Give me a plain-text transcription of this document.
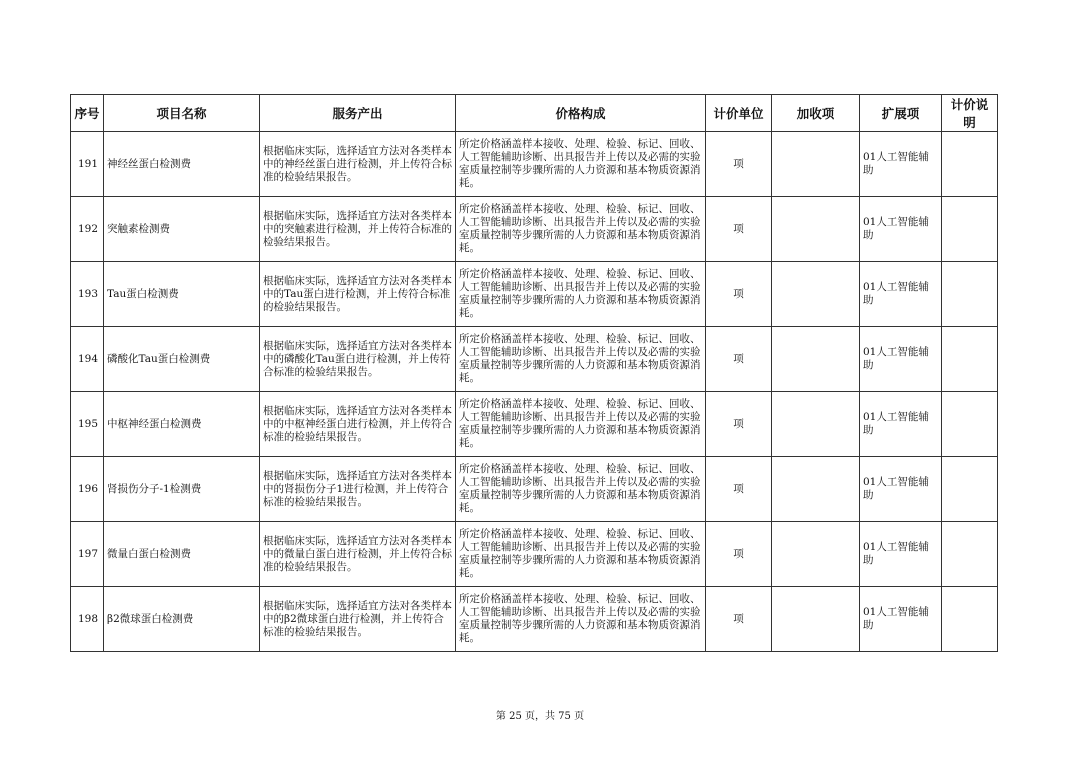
序号	项目名称	服务产出	价格构成	计价单位	加收项	扩展项	计价说明
191	神经丝蛋白检测费	根据临床实际，选择适宜方法对各类样本中的神经丝蛋白进行检测，并上传符合标准的检验结果报告。	所定价格涵盖样本接收、处理、检验、标记、回收、人工智能辅助诊断、出具报告并上传以及必需的实验室质量控制等步骤所需的人力资源和基本物质资源消耗。	项		01人工智能辅助	
192	突触素检测费	根据临床实际，选择适宜方法对各类样本中的突触素进行检测，并上传符合标准的检验结果报告。	所定价格涵盖样本接收、处理、检验、标记、回收、人工智能辅助诊断、出具报告并上传以及必需的实验室质量控制等步骤所需的人力资源和基本物质资源消耗。	项		01人工智能辅助	
193	Tau蛋白检测费	根据临床实际，选择适宜方法对各类样本中的Tau蛋白进行检测，并上传符合标准的检验结果报告。	所定价格涵盖样本接收、处理、检验、标记、回收、人工智能辅助诊断、出具报告并上传以及必需的实验室质量控制等步骤所需的人力资源和基本物质资源消耗。	项		01人工智能辅助	
194	磷酸化Tau蛋白检测费	根据临床实际，选择适宜方法对各类样本中的磷酸化Tau蛋白进行检测，并上传符合标准的检验结果报告。	所定价格涵盖样本接收、处理、检验、标记、回收、人工智能辅助诊断、出具报告并上传以及必需的实验室质量控制等步骤所需的人力资源和基本物质资源消耗。	项		01人工智能辅助	
195	中枢神经蛋白检测费	根据临床实际，选择适宜方法对各类样本中的中枢神经蛋白进行检测，并上传符合标准的检验结果报告。	所定价格涵盖样本接收、处理、检验、标记、回收、人工智能辅助诊断、出具报告并上传以及必需的实验室质量控制等步骤所需的人力资源和基本物质资源消耗。	项		01人工智能辅助	
196	肾损伤分子-1检测费	根据临床实际，选择适宜方法对各类样本中的肾损伤分子1进行检测，并上传符合标准的检验结果报告。	所定价格涵盖样本接收、处理、检验、标记、回收、人工智能辅助诊断、出具报告并上传以及必需的实验室质量控制等步骤所需的人力资源和基本物质资源消耗。	项		01人工智能辅助	
197	微量白蛋白检测费	根据临床实际，选择适宜方法对各类样本中的微量白蛋白进行检测，并上传符合标准的检验结果报告。	所定价格涵盖样本接收、处理、检验、标记、回收、人工智能辅助诊断、出具报告并上传以及必需的实验室质量控制等步骤所需的人力资源和基本物质资源消耗。	项		01人工智能辅助	
198	β2微球蛋白检测费	根据临床实际，选择适宜方法对各类样本中的β2微球蛋白进行检测，并上传符合标准的检验结果报告。	所定价格涵盖样本接收、处理、检验、标记、回收、人工智能辅助诊断、出具报告并上传以及必需的实验室质量控制等步骤所需的人力资源和基本物质资源消耗。	项		01人工智能辅助	
第 25 页，共 75 页
